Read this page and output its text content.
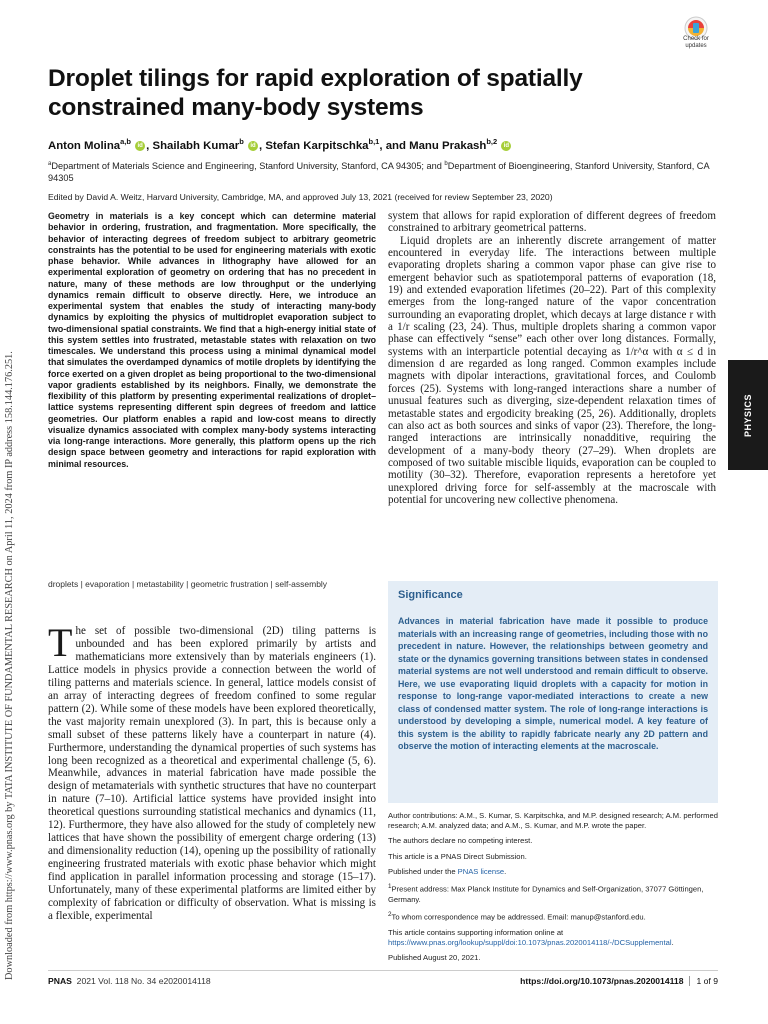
Downloaded from https://www.pnas.org by TATA INSTITUTE OF FUNDAMENTAL RESEARCH on April 11, 2024 from IP address 158.144.176.251.
Check for updates
Droplet tilings for rapid exploration of spatially constrained many-body systems
Anton Molina$^{a,b}$ id , Shailabh Kumar$^b$ id , Stefan Karpitschka$^{b,1}$, and Manu Prakash$^{b,2}$ id
$^a$Department of Materials Science and Engineering, Stanford University, Stanford, CA 94305; and $^b$Department of Bioengineering, Stanford University, Stanford, CA 94305
Edited by David A. Weitz, Harvard University, Cambridge, MA, and approved July 13, 2021 (received for review September 23, 2020)
Geometry in materials is a key concept which can determine material behavior in ordering, frustration, and fragmentation. More specifically, the behavior of interacting degrees of freedom subject to arbitrary geometric constraints has the potential to be used for engineering materials with exotic phase behavior. While advances in lithography have allowed for an experimental exploration of geometry on ordering that has no precedent in nature, many of these methods are low throughput or the underlying dynamics remain difficult to observe directly. Here, we introduce an experimental system that enables the study of interacting many-body dynamics by exploiting the physics of multidroplet evaporation subject to two-dimensional spatial constraints. We find that a high-energy initial state of this system settles into frustrated, metastable states with relaxation on two timescales. We understand this process using a minimal dynamical model that simulates the overdamped dynamics of motile droplets by identifying the force exerted on a given droplet as being proportional to the two-dimensional vapor gradients established by its neighbors. Finally, we demonstrate the flexibility of this platform by presenting experimental realizations of droplet–lattice systems representing different spin degrees of freedom and lattice geometries. Our platform enables a rapid and low-cost means to directly visualize dynamics associated with complex many-body systems interacting via long-range interactions. More generally, this platform opens up the rich design space between geometry and interactions for rapid exploration with minimal resources.
droplets | evaporation | metastability | geometric frustration | self-assembly
The set of possible two-dimensional (2D) tiling patterns is unbounded and has been explored primarily by artists and mathematicians more extensively than by materials engineers (1). Lattice models in physics provide a connection between the world of tiling patterns and materials science. In general, lattice models consist of an array of interacting degrees of freedom confined to some regular pattern (2). While some of these models have been explored theoretically, the vast majority remain unexplored (3). In part, this is because only a small subset of these patterns likely have a counterpart in nature (4). Furthermore, understanding the dynamical properties of such systems has long been recognized as a theoretical and experimental challenge (5, 6). Meanwhile, advances in material fabrication have made possible the design of metamaterials with synthetic structures that have no counterpart in nature (7–10). Artificial lattice systems have provided insight into theoretical questions surrounding statistical mechanics and dynamics (11, 12). Furthermore, they have also allowed for the study of completely new lattices that have shown the possibility of emergent charge ordering (13) and dimensionality reduction (14), opening up the possibility of rationally engineering frustrated materials with exotic phase behavior which might find application in parallel information processing and storage (15–17). Unfortunately, many of these experimental platforms are limited either by complexity of fabrication or difficulty of observation. What is missing is a flexible, experimental

system that allows for rapid exploration of different degrees of freedom constrained to arbitrary geometrical patterns.

Liquid droplets are an inherently discrete arrangement of matter encountered in everyday life. The interactions between multiple evaporating droplets sharing a common vapor phase can give rise to emergent behavior such as spatiotemporal patterns of evaporation (18, 19) and extended evaporation lifetimes (20–22). Part of this complexity emerges from the long-ranged nature of the vapor concentration surrounding an evaporating droplet, which decays at large distance r with a 1/r scaling (23, 24). Thus, multiple droplets sharing a common vapor phase can effectively “sense” each other over long distances. Formally, systems with an interparticle potential decaying as 1/r^α with α ≤ d in dimension d are regarded as long ranged. Common examples include magnets with dipolar interactions, gravitational forces, and Coulomb forces (25). Systems with long-ranged interactions share a number of unusual features such as diverging, size-dependent relaxation times of metastable states and ergodicity breaking (25, 26). Additionally, droplets can also act as both sources and sinks of vapor (23). Therefore, the long-ranged interactions are intrinsically nonadditive, requiring the development of a many-body theory (27–29). When droplets are composed of two suitable miscible liquids, evaporation can be coupled to motility (30–32). Therefore, evaporation represents a heretofore yet unexplored driving force for self-assembly at the macroscale with potential for uncovering new collective phenomena.

PHYSICS
Significance
Advances in material fabrication have made it possible to produce materials with an increasing range of geometries, including those with no precedent in nature. However, the relationships between geometry and state or the dynamics governing transitions between states in condensed material systems are not well understood and remain difficult to observe. Here, we use evaporating liquid droplets with a capacity for motion in response to long-range vapor-mediated interactions to create a new class of condensed matter system. The role of long-range interactions is understood by developing a simple, numerical model. A key feature of this system is the ability to rapidly fabricate nearly any 2D pattern and observe the motion of interacting elements at the macroscale.

Author contributions: A.M., S. Kumar, S. Karpitschka, and M.P. designed research; A.M. performed research; A.M. analyzed data; and A.M., S. Kumar, and M.P. wrote the paper.

The authors declare no competing interest.

This article is a PNAS Direct Submission.

Published under the PNAS license.

$^1$Present address: Max Planck Institute for Dynamics and Self-Organization, 37077 Göttingen, Germany.

$^2$To whom correspondence may be addressed. Email: manup@stanford.edu.

This article contains supporting information online at https://www.pnas.org/lookup/suppl/doi:10.1073/pnas.2020014118/-/DCSupplemental.

Published August 20, 2021.

PNAS 2021 Vol. 118 No. 34 e2020014118	https://doi.org/10.1073/pnas.2020014118 1 of 9
